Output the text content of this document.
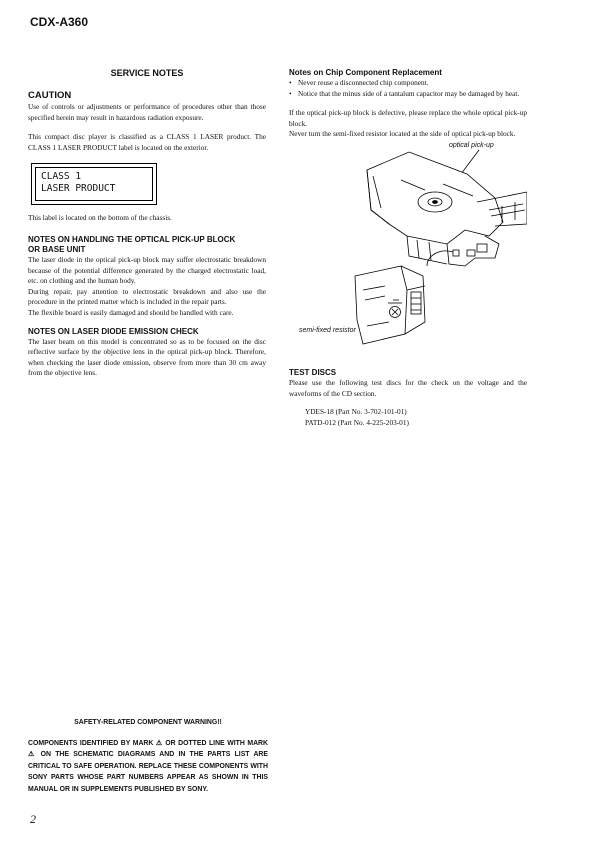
CDX-A360
SERVICE NOTES
CAUTION

Use of controls or adjustments or performance of procedures other than those specified herein may result in hazardous radiation exposure.

This compact disc player is classified as a CLASS 1 LASER product. The CLASS 1 LASER PRODUCT label is located on the exterior.

CLASS 1
LASER PRODUCT

This label is located on the bottom of the chassis.

NOTES ON HANDLING THE OPTICAL PICK-UP BLOCK
OR BASE UNIT

The laser diode in the optical pick-up block may suffer electrostatic breakdown because of the potential difference generated by the charged electrostatic load, etc. on clothing and the human body.

During repair, pay attention to electrostatic breakdown and also use the procedure in the printed matter which is included in the repair parts.

The flexible board is easily damaged and should be handled with care.

NOTES ON LASER DIODE EMISSION CHECK

The laser beam on this model is concentrated so as to be focused on the disc reflective surface by the objective lens in the optical pick-up block. Therefore, when checking the laser diode emission, observe from more than 30 cm away from the objective lens.

Notes on Chip Component Replacement
• Never reuse a disconnected chip component.
• Notice that the minus side of a tantalum capacitor may be damaged by heat.

If the optical pick-up block is defective, please replace the whole optical pick-up block.

Never turn the semi-fixed resistor located at the side of optical pick-up block.

optical pick-up
semi-fixed resistor
TEST DISCS

Please use the following test discs for the check on the voltage and the waveforms of the CD section.

YDES-18 (Part No. 3-702-101-01)
PATD-012 (Part No. 4-225-203-01)
SAFETY-RELATED COMPONENT WARNING!!
COMPONENTS IDENTIFIED BY MARK ⚠ OR DOTTED LINE WITH MARK ⚠ ON THE SCHEMATIC DIAGRAMS AND IN THE PARTS LIST ARE CRITICAL TO SAFE OPERATION. REPLACE THESE COMPONENTS WITH SONY PARTS WHOSE PART NUMBERS APPEAR AS SHOWN IN THIS MANUAL OR IN SUPPLEMENTS PUBLISHED BY SONY.
2
